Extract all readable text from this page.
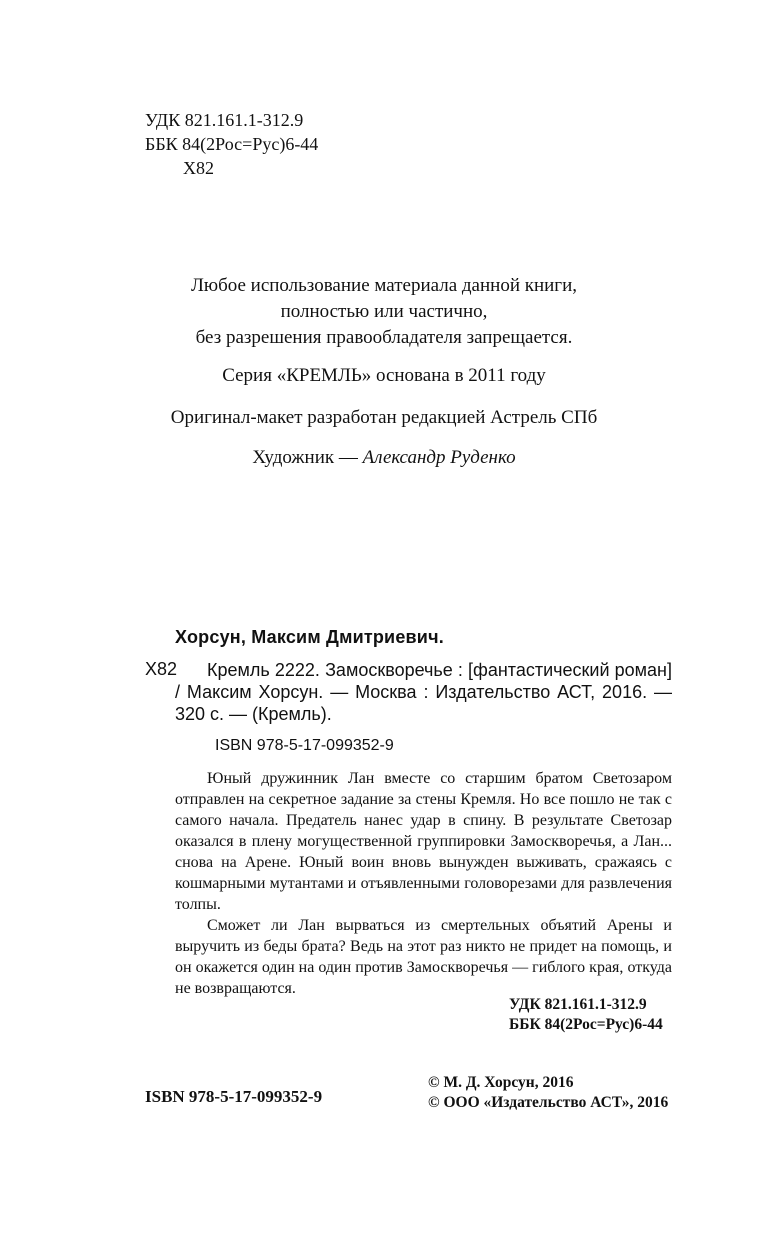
УДК 821.161.1-312.9
ББК 84(2Рос=Рус)6-44
Х82
Любое использование материала данной книги,
полностью или частично,
без разрешения правообладателя запрещается.
Серия «КРЕМЛЬ» основана в 2011 году
Оригинал-макет разработан редакцией Астрель СПб
Художник — Александр Руденко
Хорсун, Максим Дмитриевич.
Х82	Кремль 2222. Замоскворечье : [фантастический роман] / Максим Хорсун. — Москва : Издательство АСТ, 2016. — 320 с. — (Кремль).
ISBN 978-5-17-099352-9

Юный дружинник Лан вместе со старшим братом Светозаром отправлен на секретное задание за стены Кремля. Но все пошло не так с самого начала. Предатель нанес удар в спину. В результате Светозар оказался в плену могущественной группировки Замоскворечья, а Лан... снова на Арене. Юный воин вновь вынужден выживать, сражаясь с кошмарными мутантами и отъявленными головорезами для развлечения толпы.

Сможет ли Лан вырваться из смертельных объятий Арены и выручить из беды брата? Ведь на этот раз никто не придет на помощь, и он окажется один на один против Замоскворечья — гиблого края, откуда не возвращаются.

УДК 821.161.1-312.9
ББК 84(2Рос=Рус)6-44
ISBN 978-5-17-099352-9
© М. Д. Хорсун, 2016
© ООО «Издательство АСТ», 2016
